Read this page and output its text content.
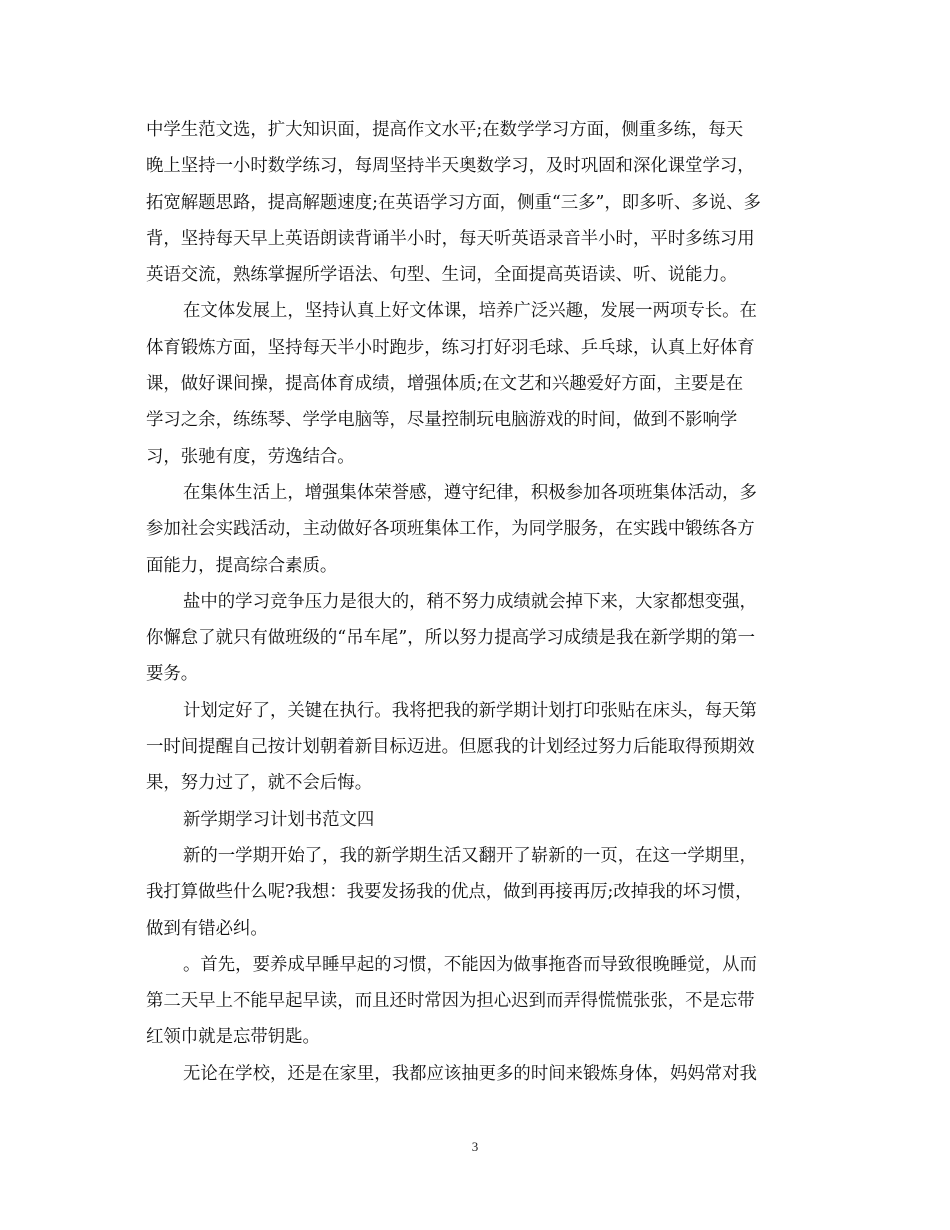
中学生范文选，扩大知识面，提高作文水平;在数学学习方面，侧重多练，每天
晚上坚持一小时数学练习，每周坚持半天奥数学习，及时巩固和深化课堂学习，
拓宽解题思路，提高解题速度;在英语学习方面，侧重“三多”，即多听、多说、多
背，坚持每天早上英语朗读背诵半小时，每天听英语录音半小时，平时多练习用
英语交流，熟练掌握所学语法、句型、生词，全面提高英语读、听、说能力。
在文体发展上，坚持认真上好文体课，培养广泛兴趣，发展一两项专长。在
体育锻炼方面，坚持每天半小时跑步，练习打好羽毛球、乒乓球，认真上好体育
课，做好课间操，提高体育成绩，增强体质;在文艺和兴趣爱好方面，主要是在
学习之余，练练琴、学学电脑等，尽量控制玩电脑游戏的时间，做到不影响学
习，张驰有度，劳逸结合。
在集体生活上，增强集体荣誉感，遵守纪律，积极参加各项班集体活动，多
参加社会实践活动，主动做好各项班集体工作，为同学服务，在实践中锻练各方
面能力，提高综合素质。
盐中的学习竞争压力是很大的，稍不努力成绩就会掉下来，大家都想变强，
你懈怠了就只有做班级的“吊车尾”，所以努力提高学习成绩是我在新学期的第一
要务。
计划定好了，关键在执行。我将把我的新学期计划打印张贴在床头，每天第
一时间提醒自己按计划朝着新目标迈进。但愿我的计划经过努力后能取得预期效
果，努力过了，就不会后悔。
新学期学习计划书范文四
新的一学期开始了，我的新学期生活又翻开了崭新的一页，在这一学期里，
我打算做些什么呢?我想：我要发扬我的优点，做到再接再厉;改掉我的坏习惯，
做到有错必纠。
。首先，要养成早睡早起的习惯，不能因为做事拖沓而导致很晚睡觉，从而
第二天早上不能早起早读，而且还时常因为担心迟到而弄得慌慌张张，不是忘带
红领巾就是忘带钥匙。
无论在学校，还是在家里，我都应该抽更多的时间来锻炼身体，妈妈常对我
3
